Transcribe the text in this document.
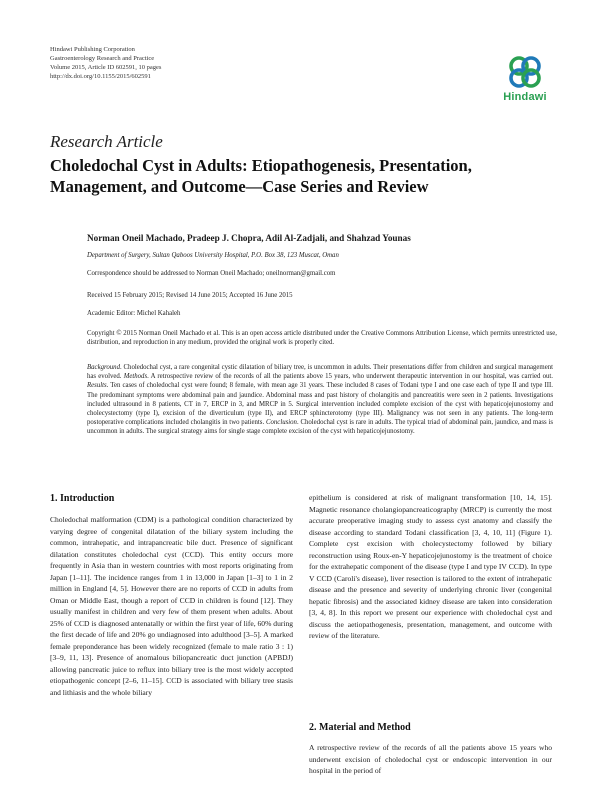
Hindawi Publishing Corporation
Gastroenterology Research and Practice
Volume 2015, Article ID 602591, 10 pages
http://dx.doi.org/10.1155/2015/602591
Hindawi
Research Article
Choledochal Cyst in Adults: Etiopathogenesis, Presentation,
Management, and Outcome—Case Series and Review
Norman Oneil Machado, Pradeep J. Chopra, Adil Al-Zadjali, and Shahzad Younas
Department of Surgery, Sultan Qaboos University Hospital, P.O. Box 38, 123 Muscat, Oman
Correspondence should be addressed to Norman Oneil Machado; oneilnorman@gmail.com
Received 15 February 2015; Revised 14 June 2015; Accepted 16 June 2015
Academic Editor: Michel Kahaleh
Copyright © 2015 Norman Oneil Machado et al. This is an open access article distributed under the Creative Commons Attribution License, which permits unrestricted use, distribution, and reproduction in any medium, provided the original work is properly cited.
Background. Choledochal cyst, a rare congenital cystic dilatation of biliary tree, is uncommon in adults. Their presentations differ from children and surgical management has evolved. Methods. A retrospective review of the records of all the patients above 15 years, who underwent therapeutic intervention in our hospital, was carried out. Results. Ten cases of choledochal cyst were found; 8 female, with mean age 31 years. These included 8 cases of Todani type I and one case each of type II and type III. The predominant symptoms were abdominal pain and jaundice. Abdominal mass and past history of cholangitis and pancreatitis were seen in 2 patients. Investigations included ultrasound in 8 patients, CT in 7, ERCP in 3, and MRCP in 5. Surgical intervention included complete excision of the cyst with hepaticojejunostomy and cholecystectomy (type I), excision of the diverticulum (type II), and ERCP sphincterotomy (type III). Malignancy was not seen in any patients. The long-term postoperative complications included cholangitis in two patients. Conclusion. Choledochal cyst is rare in adults. The typical triad of abdominal pain, jaundice, and mass is uncommon in adults. The surgical strategy aims for single stage complete excision of the cyst with hepaticojejunostomy.
1. Introduction

Choledochal malformation (CDM) is a pathological condition characterized by varying degree of congenital dilatation of the biliary system including the common, intrahepatic, and intrapancreatic bile duct. Presence of significant dilatation constitutes choledochal cyst (CCD). This entity occurs more frequently in Asia than in western countries with most reports originating from Japan [1–11]. The incidence ranges from 1 in 13,000 in Japan [1–3] to 1 in 2 million in England [4, 5]. However there are no reports of CCD in adults from Oman or Middle East, though a report of CCD in children is found [12]. They usually manifest in children and very few of them present when adults. About 25% of CCD is diagnosed antenatally or within the first year of life, 60% during the first decade of life and 20% go undiagnosed into adulthood [3–5]. A marked female preponderance has been widely recognized (female to male ratio 3 : 1) [3–9, 11, 13]. Presence of anomalous biliopancreatic duct junction (APBDJ) allowing pancreatic juice to reflux into biliary tree is the most widely accepted etiopathogenic concept [2–6, 11–15]. CCD is associated with biliary tree stasis and lithiasis and the whole biliary

epithelium is considered at risk of malignant transformation [10, 14, 15]. Magnetic resonance cholangiopancreaticography (MRCP) is currently the most accurate preoperative imaging study to assess cyst anatomy and classify the disease according to standard Todani classification [3, 4, 10, 11] (Figure 1). Complete cyst excision with cholecystectomy followed by biliary reconstruction using Roux-en-Y hepaticojejunostomy is the treatment of choice for the extrahepatic component of the disease (type I and type IV CCD). In type V CCD (Caroli's disease), liver resection is tailored to the extent of intrahepatic disease and the presence and severity of underlying chronic liver (congenital hepatic fibrosis) and the associated kidney disease are taken into consideration [3, 4, 8]. In this report we present our experience with choledochal cyst and discuss the aetiopathogenesis, presentation, management, and outcome with review of the literature.

2. Material and Method

A retrospective review of the records of all the patients above 15 years who underwent excision of choledochal cyst or endoscopic intervention in our hospital in the period of
